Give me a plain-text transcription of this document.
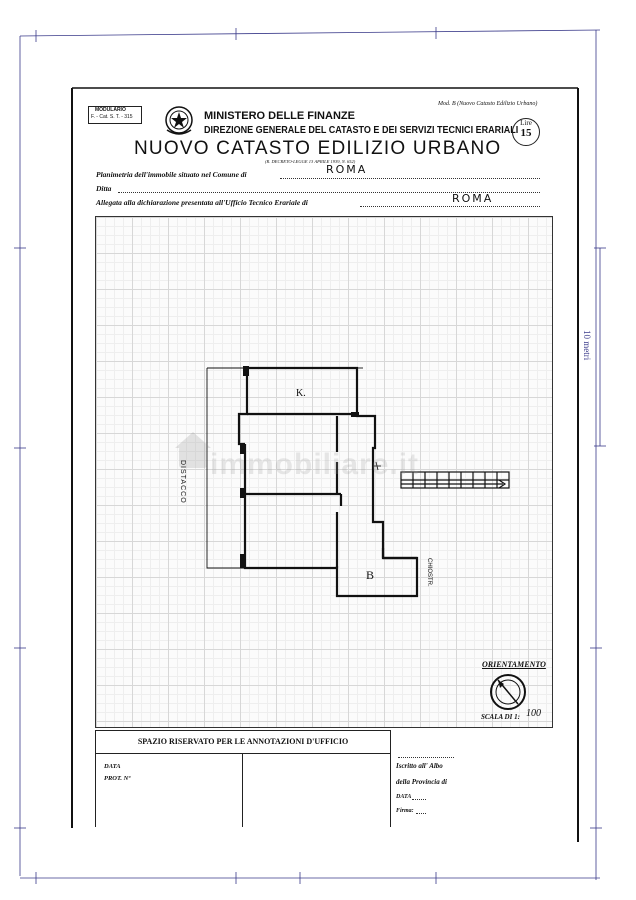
10 metri
MODULARIO
F. - Cat. S. T. - 315	MINISTERO DELLE FINANZE
DIREZIONE GENERALE DEL CATASTO E DEI SERVIZI TECNICI ERARIALI
Mod. B (Nuovo Catasto Edilizio Urbano)
Lire
15
NUOVO CATASTO EDILIZIO URBANO
(R. DECRETO-LEGGE 13 APRILE 1939, N. 652)
Planimetria dell'immobile situato nel Comune di	ROMA
Ditta
Allegata alla dichiarazione presentata all'Ufficio Tecnico Erariale di	ROMA
K.
B
DISTACCO
CHIOSTR.
immobiliare.it
ORIENTAMENTO
SCALA DI 1: 100
SPAZIO RISERVATO PER LE ANNOTAZIONI D'UFFICIO
DATA
PROT. Nº
Iscritto all' Albo
della Provincia di
DATA
Firma:
